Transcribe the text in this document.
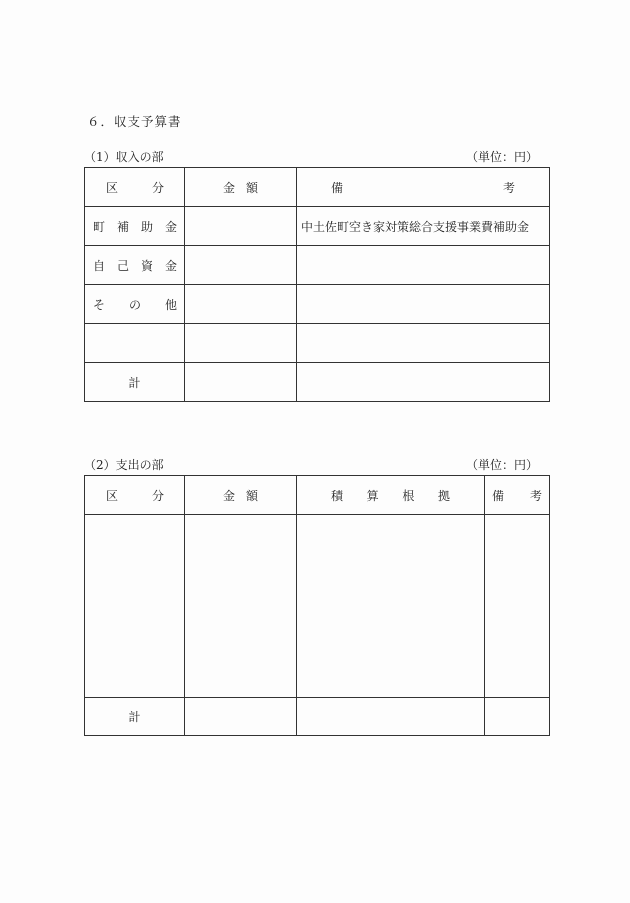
６．収支予算書
（1）収入の部	（単位：円）
区 分	金 額	備 考

町 補 助 金		中土佐町空き家対策総合支援事業費補助金

自 己 資 金		

そ の 他		

計		
（2）支出の部	（単位：円）
区 分	金 額	積 算 根 拠	備 考

計			
